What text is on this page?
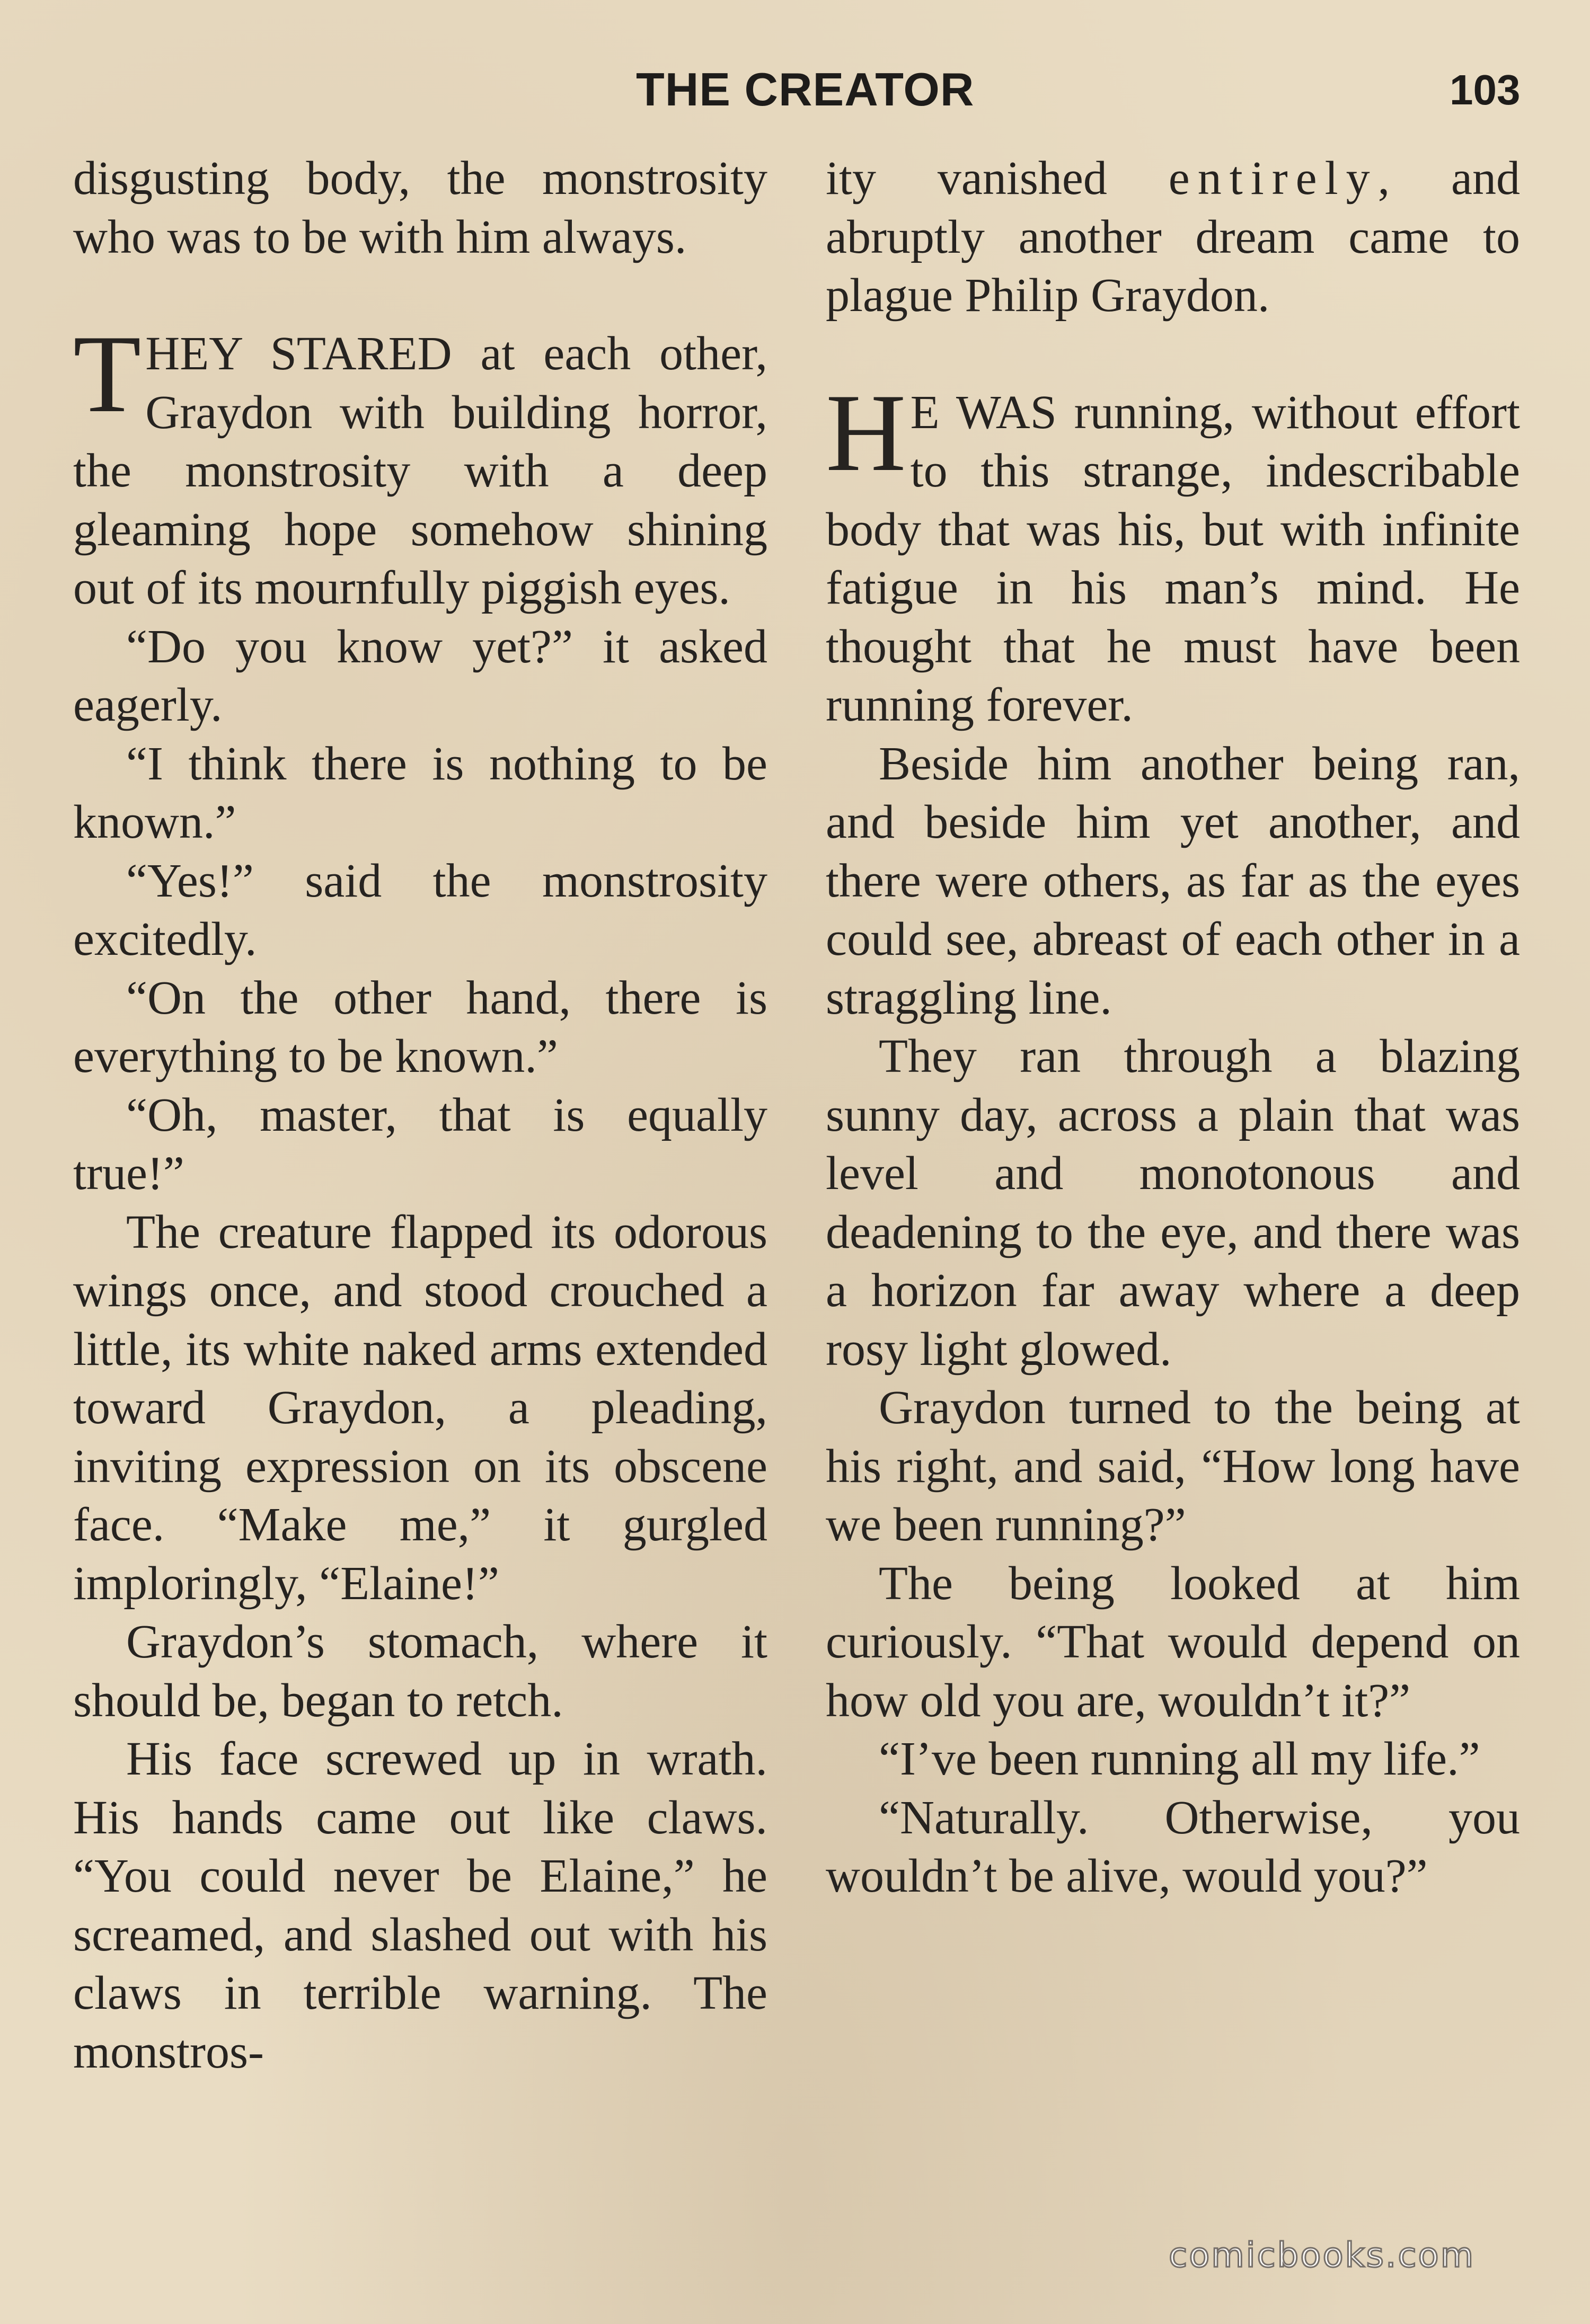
THE CREATOR	103

disgusting body, the monstrosity who was to be with him always.

THEY STARED at each other, Graydon with building horror, the monstrosity with a deep gleaming hope somehow shining out of its mournfully piggish eyes.

“Do you know yet?” it asked eagerly.

“I think there is nothing to be known.”

“Yes!” said the monstrosity excitedly.

“On the other hand, there is everything to be known.”

“Oh, master, that is equally true!”

The creature flapped its odorous wings once, and stood crouched a little, its white naked arms extended toward Graydon, a pleading, inviting expression on its obscene face. “Make me,” it gurgled imploringly, “Elaine!”

Graydon’s stomach, where it should be, began to retch.

His face screwed up in wrath. His hands came out like claws. “You could never be Elaine,” he screamed, and slashed out with his claws in terrible warning. The monstros-

ity vanished entirely, and abruptly another dream came to plague Philip Graydon.

H E WAS running, without effort to this strange, indescribable body that was his, but with infinite fatigue in his man’s mind. He thought that he must have been running forever.

Beside him another being ran, and beside him yet another, and there were others, as far as the eyes could see, abreast of each other in a straggling line.

They ran through a blazing sunny day, across a plain that was level and monotonous and deadening to the eye, and there was a horizon far away where a deep rosy light glowed.

Graydon turned to the being at his right, and said, “How long have we been running?”

The being looked at him curiously. “That would depend on how old you are, wouldn’t it?”

“I’ve been running all my life.”

“Naturally. Otherwise, you wouldn’t be alive, would you?”

comicbooks.com
